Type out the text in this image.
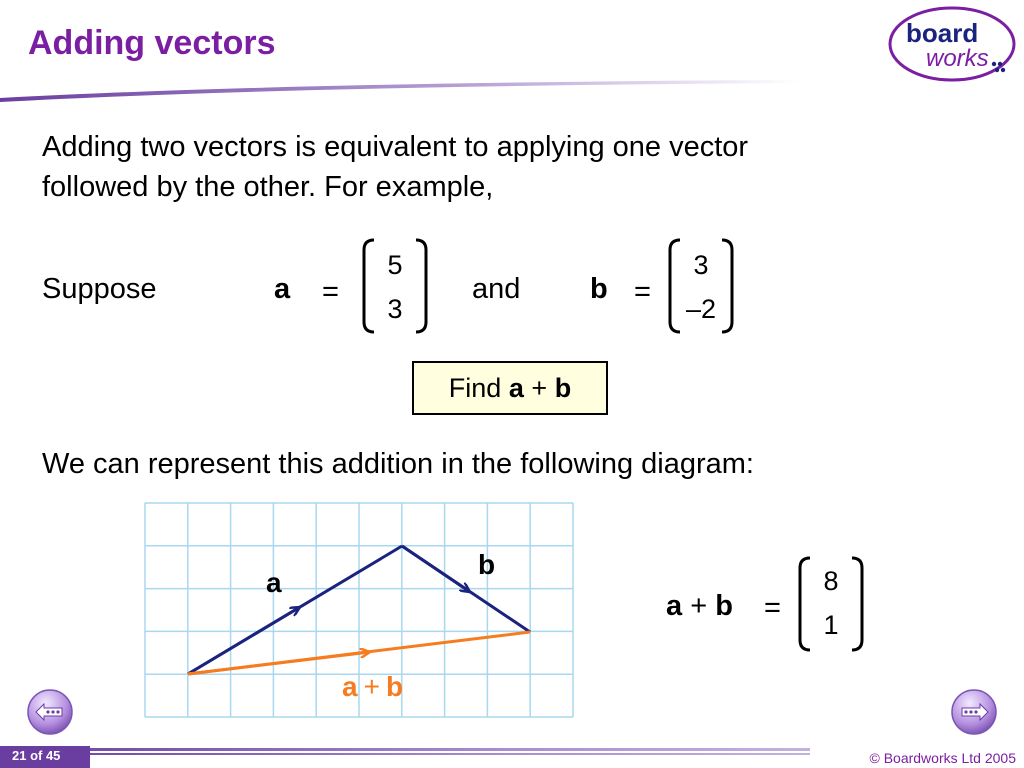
Adding vectors	board
works
Adding two vectors is equivalent to applying one vector
followed by the other. For example,
Suppose	a =
5
3
and b =
3
–2
Find a + b
We can represent this addition in the following diagram:
a
b
a + b
a + b =
8
1
21 of 45	© Boardworks Ltd 2005
